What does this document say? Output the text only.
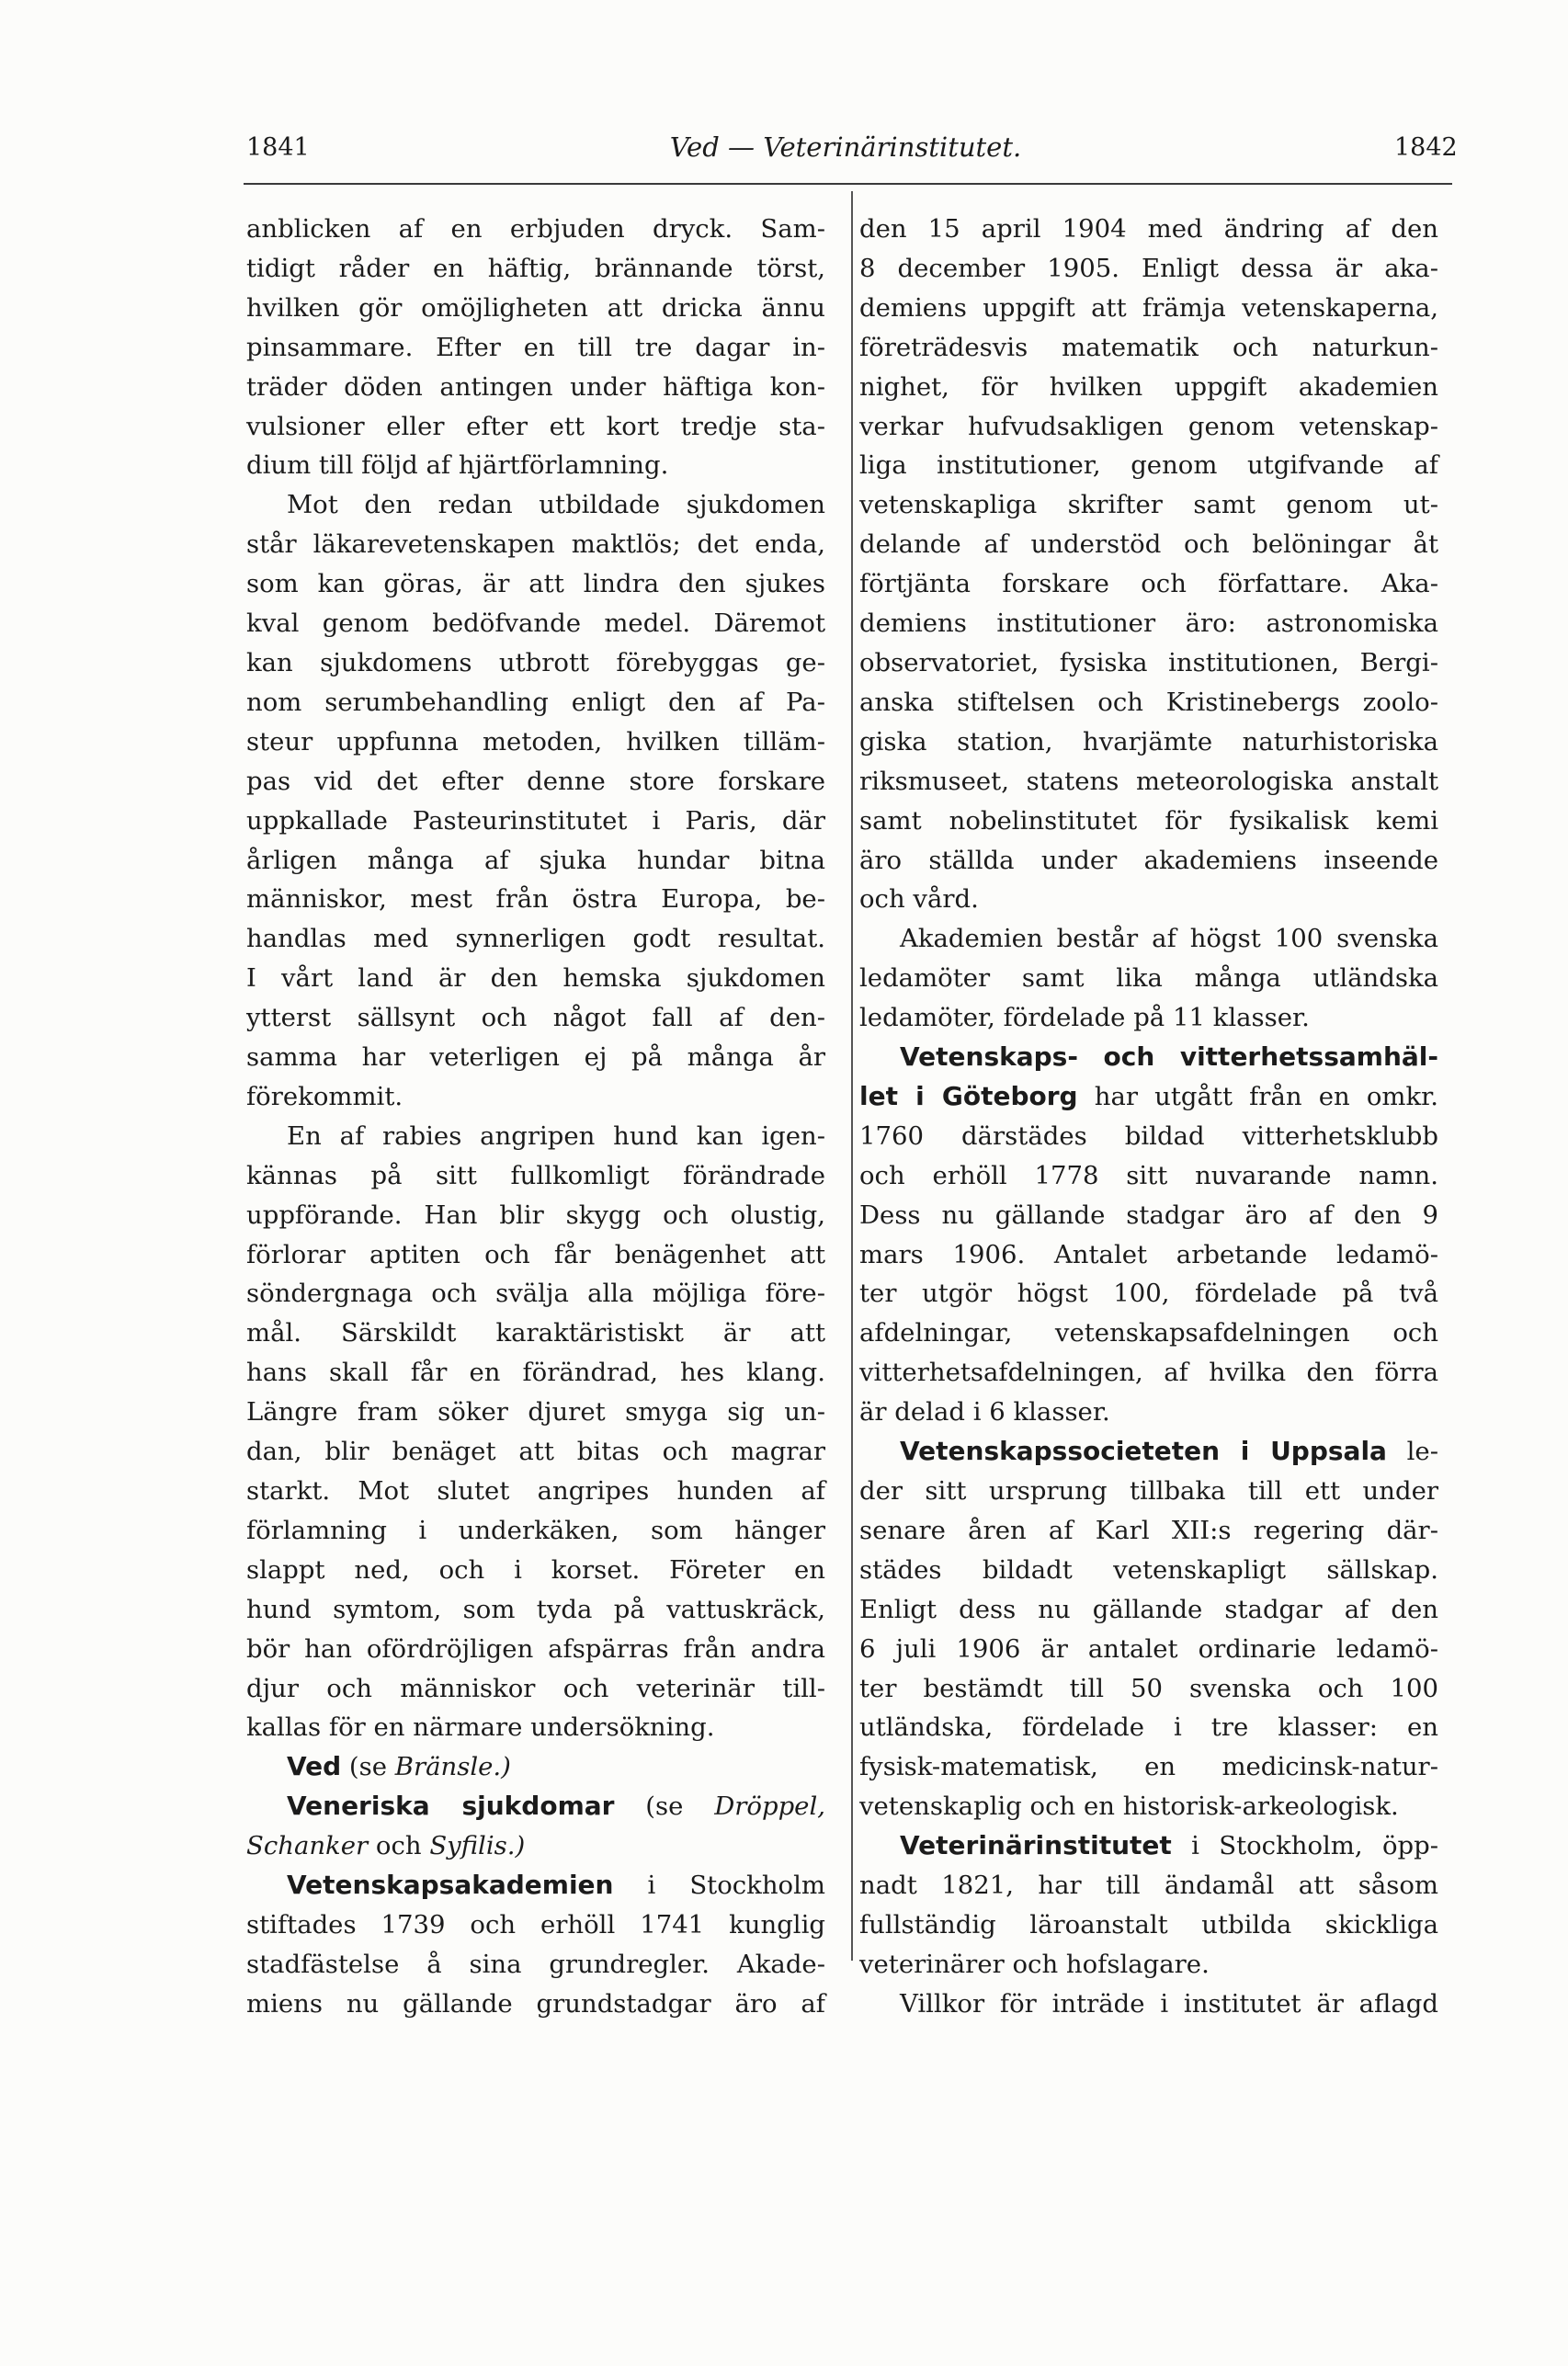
1841	Ved — Veterinärinstitutet.	1842

anblicken af en erbjuden dryck. Sam-
tidigt råder en häftig, brännande törst,
hvilken gör omöjligheten att dricka ännu
pinsammare. Efter en till tre dagar in-
träder döden antingen under häftiga kon-
vulsioner eller efter ett kort tredje sta-
dium till följd af hjärtförlamning.

Mot den redan utbildade sjukdomen
står läkarevetenskapen maktlös; det enda,
som kan göras, är att lindra den sjukes
kval genom bedöfvande medel. Däremot
kan sjukdomens utbrott förebyggas ge-
nom serumbehandling enligt den af Pa-
steur uppfunna metoden, hvilken tilläm-
pas vid det efter denne store forskare
uppkallade Pasteurinstitutet i Paris, där
årligen många af sjuka hundar bitna
människor, mest från östra Europa, be-
handlas med synnerligen godt resultat.
I vårt land är den hemska sjukdomen
ytterst sällsynt och något fall af den-
samma har veterligen ej på många år
förekommit.

En af rabies angripen hund kan igen-
kännas på sitt fullkomligt förändrade
uppförande. Han blir skygg och olustig,
förlorar aptiten och får benägenhet att
söndergnaga och svälja alla möjliga före-
mål. Särskildt karaktäristiskt är att
hans skall får en förändrad, hes klang.
Längre fram söker djuret smyga sig un-
dan, blir benäget att bitas och magrar
starkt. Mot slutet angripes hunden af
förlamning i underkäken, som hänger
slappt ned, och i korset. Företer en
hund symtom, som tyda på vattuskräck,
bör han ofördröjligen afspärras från andra
djur och människor och veterinär till-
kallas för en närmare undersökning.

Ved (se Bränsle.)

Veneriska sjukdomar (se Dröppel,
Schanker och Syfilis.)

Vetenskapsakademien i Stockholm
stiftades 1739 och erhöll 1741 kunglig
stadfästelse å sina grundregler. Akade-
miens nu gällande grundstadgar äro af

den 15 april 1904 med ändring af den
8 december 1905. Enligt dessa är aka-
demiens uppgift att främja vetenskaperna,
företrädesvis matematik och naturkun-
nighet, för hvilken uppgift akademien
verkar hufvudsakligen genom vetenskap-
liga institutioner, genom utgifvande af
vetenskapliga skrifter samt genom ut-
delande af understöd och belöningar åt
förtjänta forskare och författare. Aka-
demiens institutioner äro: astronomiska
observatoriet, fysiska institutionen, Bergi-
anska stiftelsen och Kristinebergs zoolo-
giska station, hvarjämte naturhistoriska
riksmuseet, statens meteorologiska anstalt
samt nobelinstitutet för fysikalisk kemi
äro ställda under akademiens inseende
och vård.

Akademien består af högst 100 svenska
ledamöter samt lika många utländska
ledamöter, fördelade på 11 klasser.

Vetenskaps- och vitterhetssamhäl-
let i Göteborg har utgått från en omkr.
1760 därstädes bildad vitterhetsklubb
och erhöll 1778 sitt nuvarande namn.
Dess nu gällande stadgar äro af den 9
mars 1906. Antalet arbetande ledamö-
ter utgör högst 100, fördelade på två
afdelningar, vetenskapsafdelningen och
vitterhetsafdelningen, af hvilka den förra
är delad i 6 klasser.

Vetenskapssocieteten i Uppsala le-
der sitt ursprung tillbaka till ett under
senare åren af Karl XII:s regering där-
städes bildadt vetenskapligt sällskap.
Enligt dess nu gällande stadgar af den
6 juli 1906 är antalet ordinarie ledamö-
ter bestämdt till 50 svenska och 100
utländska, fördelade i tre klasser: en
fysisk-matematisk, en medicinsk-natur-
vetenskaplig och en historisk-arkeologisk.

Veterinärinstitutet i Stockholm, öpp-
nadt 1821, har till ändamål att såsom
fullständig läroanstalt utbilda skickliga
veterinärer och hofslagare.

Villkor för inträde i institutet är aflagd
